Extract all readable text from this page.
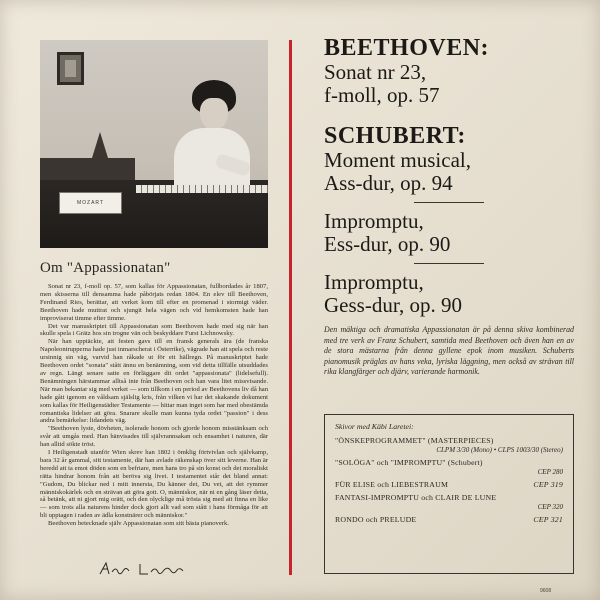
MOZART
Om "Appassionatan"

Sonat nr 23, f-moll op. 57, som kallas för Appassionatan, fullbordades år 1807, men skisserna till densamma hade påbörjats redan 1804. En elev till Beethoven, Ferdinand Ries, berättar, att verket kom till efter en promenad i stormigt väder. Beethoven hade muttrat och sjungit hela vägen och vid hemkomsten hade han improviserat timme efter timme.

Det var manuskriptet till Appassionatan som Beethoven hade med sig när han skulle spela i Grätz hos sin trogne vän och beskyddare Furst Lichnowsky.

När han upptäckte, att festen gavs till en fransk generals ära (de franska Napoleontrupperna hade just inmarscherat i Österrike), vägrade han att spela och reste ursinnig sin väg, varvid han råkade ut för ett hällregn. På manuskriptet hade Beethoven ordet "sonata" stått ännu en benämning, som vid detta tillfälle utsuddades av regn. Längt senare satte en förläggare dit ordet "appassionata" (lidelsefull). Benämningen härstammar alltså inte från Beethoven och han vara litet missvisande. När man bekantar sig med verket — som tillkom i en period av Beethovens liv då han hade gått igenom en våldsam själslig kris, från vilken vi har det skakande dokument som kallas för Heiligenstädter Testamente — hittar man inget som har med obestämda romantiska lidelser att göra. Snarare skulle man kunna tyda ordet "passion" i dess andra bemärkelse: lidandets väg.

"Beethoven lyste, dövheten, isolerade honom och gjorde honom misstänksam och svår att umgås med. Han hänvisades till självrannsakan och ensamhet i naturen, där han alltid sökte tröst.

I Heiligenstadt utanför Wien skrev han 1802 i ömklig förtvivlan och självkamp, bara 32 år gammal, sitt testamente, där han avlade räkenskap över sitt leverne. Han är beredd att ta emot döden som en befriare, men hans tro på sin konst och det moraliskt rätta hindrar honom från att beröva sig livet. I testamentet står det bland annat: "Gudom, Du blickar ned i mitt innersta, Du känner det, Du vet, att det rymmer människokärlek och en strävan att göra gott. O, människor, när ni en gång läser detta, så betänk, att ni gjort mig orätt, och den olycklige må trösta sig med att finna en like — som trots alla naturens hinder dock gjort allt vad som stått i hans förmåga för att bli upptagen i raden av ädla konstnärer och människor."

Beethoven betecknade själv Appassionatan som sitt bästa pianoverk.

BEETHOVEN:
Sonat nr 23,
f-moll, op. 57
SCHUBERT:
Moment musical,
Ass-dur, op. 94
Impromptu,
Ess-dur, op. 90
Impromptu,
Gess-dur, op. 90

Den mäktiga och dramatiska Appassionatan är på denna skiva kombinerad med tre verk av Franz Schubert, samtida med Beethoven och även han en av de stora mästarna från denna gyllene epok inom musiken. Schuberts pianomusik präglas av hans veka, lyriska läggning, men också av strävan till rika klangfärger och djärv, varierande harmonik.

Skivor med Käbi Laretei:
"ÖNSKEPROGRAMMET" (MASTERPIECES)
CLPM 3/30 (Mono) • CLPS 1003/30 (Stereo)
"SOLÖGA" och "IMPROMPTU" (Schubert)
CEP 280
FÜR ELISE och LIEBESTRAUM	CEP 319
FANTASI-IMPROMPTU och CLAIR DE LUNE
CEP 320
RONDO och PRELUDE	CEP 321
9608
